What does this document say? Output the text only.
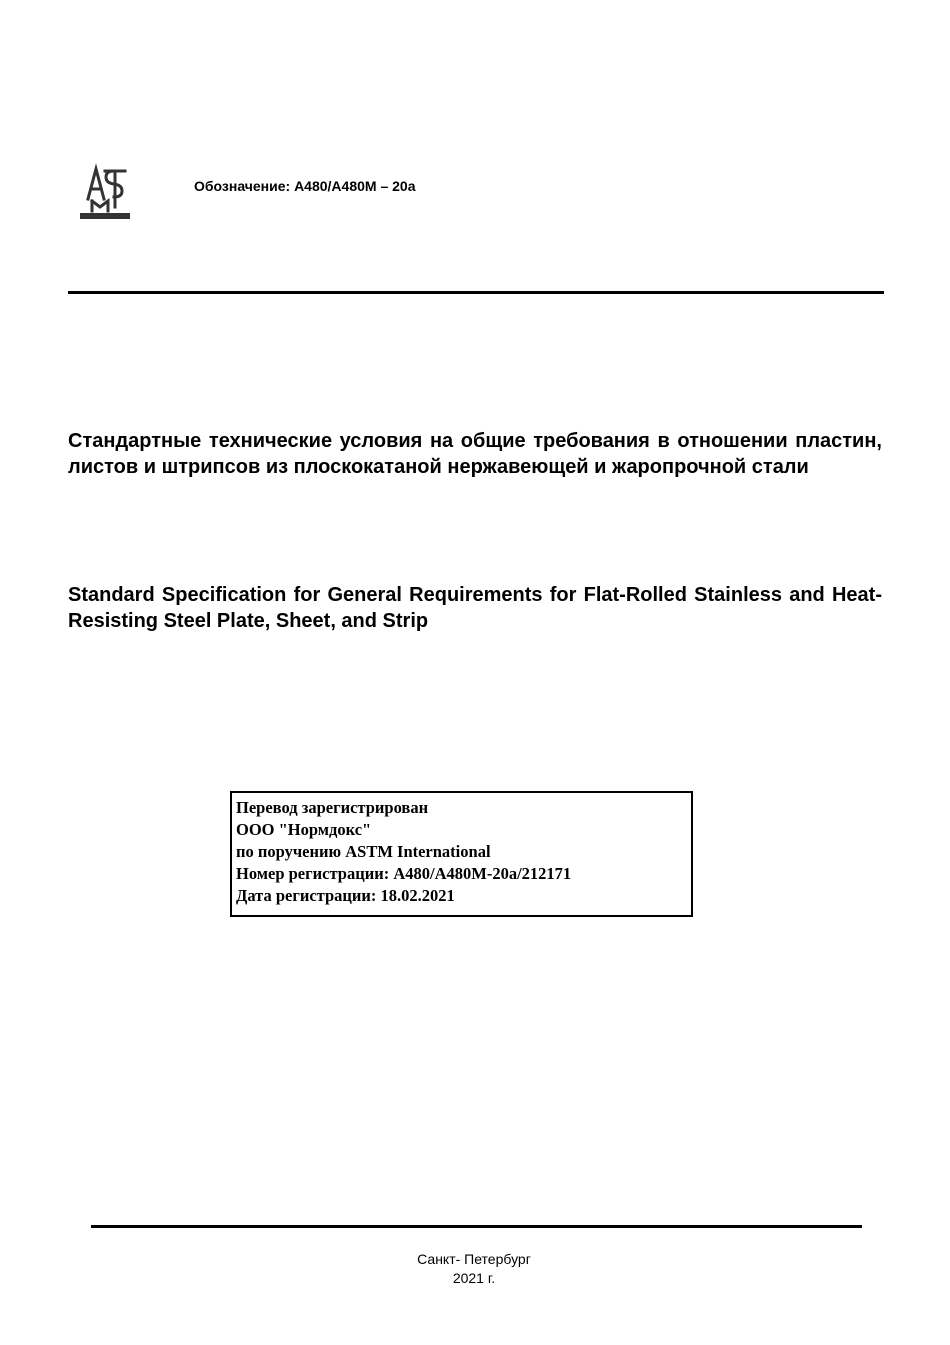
Обозначение: A480/A480M – 20a

Стандартные технические условия на общие требования в отношении пластин, листов и штрипсов из плоскокатаной нержавеющей и жаропрочной стали

Standard Specification for General Requirements for Flat-Rolled Stainless and Heat-Resisting Steel Plate, Sheet, and Strip

Перевод зарегистрирован
ООО "Нормдокс"
по поручению ASTM International
Номер регистрации: A480/A480M-20a/212171
Дата регистрации: 18.02.2021
Санкт- Петербург
2021 г.
